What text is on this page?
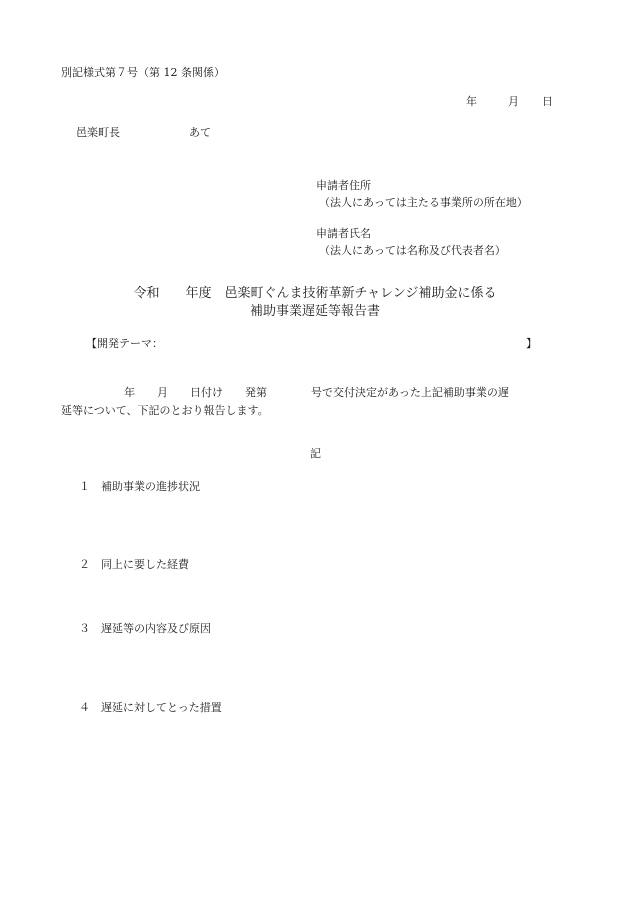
別記様式第７号（第 12 条関係）
年	月 日
邑楽町長	あて
申請者住所
（法人にあっては主たる事業所の所在地）
申請者氏名
（法人にあっては名称及び代表者名）
令和　　年度　邑楽町ぐんま技術革新チャレンジ補助金に係る
補助事業遅延等報告書
【開発テーマ：	】
年　　月　　日付け　　発第　　　　号で交付決定があった上記補助事業の遅
延等について、下記のとおり報告します。
記
１ 補助事業の進捗状況
２ 同上に要した経費
３ 遅延等の内容及び原因
４ 遅延に対してとった措置
